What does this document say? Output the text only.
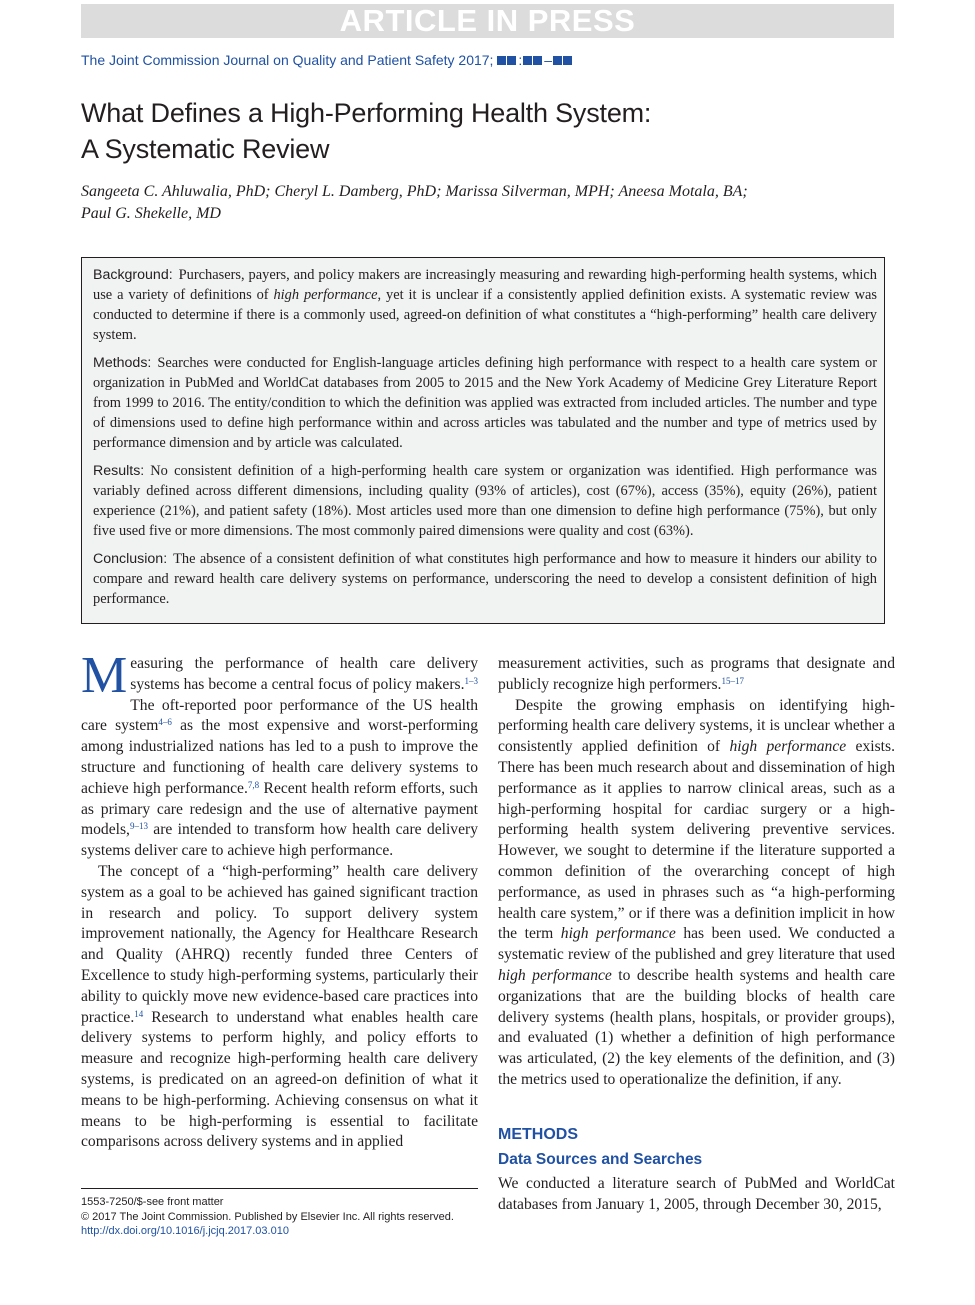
ARTICLE IN PRESS
The Joint Commission Journal on Quality and Patient Safety 2017; : –
What Defines a High-Performing Health System:
A Systematic Review
Sangeeta C. Ahluwalia, PhD; Cheryl L. Damberg, PhD; Marissa Silverman, MPH; Aneesa Motala, BA;
Paul G. Shekelle, MD

Background: Purchasers, payers, and policy makers are increasingly measuring and rewarding high-performing health systems, which use a variety of definitions of high performance, yet it is unclear if a consistently applied definition exists. A systematic review was conducted to determine if there is a commonly used, agreed-on definition of what constitutes a “high-performing” health care delivery system.

Methods: Searches were conducted for English-language articles defining high performance with respect to a health care system or organization in PubMed and WorldCat databases from 2005 to 2015 and the New York Academy of Medicine Grey Literature Report from 1999 to 2016. The entity/condition to which the definition was applied was extracted from included articles. The number and type of dimensions used to define high performance within and across articles was tabulated and the number and type of metrics used by performance dimension and by article was calculated.

Results: No consistent definition of a high-performing health care system or organization was identified. High performance was variably defined across different dimensions, including quality (93% of articles), cost (67%), access (35%), equity (26%), patient experience (21%), and patient safety (18%). Most articles used more than one dimension to define high performance (75%), but only five used five or more dimensions. The most commonly paired dimensions were quality and cost (63%).

Conclusion: The absence of a consistent definition of what constitutes high performance and how to measure it hinders our ability to compare and reward health care delivery systems on performance, underscoring the need to develop a consistent definition of high performance.

Measuring the performance of health care delivery systems has become a central focus of policy makers.$^{1-3}$ The oft-reported poor performance of the US health care system$^{4-6}$ as the most expensive and worst-performing among industrialized nations has led to a push to improve the structure and functioning of health care delivery systems to achieve high performance.$^{7,8}$ Recent health reform efforts, such as primary care redesign and the use of alternative payment models,$^{9-13}$ are intended to transform how health care delivery systems deliver care to achieve high performance.

The concept of a “high-performing” health care delivery system as a goal to be achieved has gained significant traction in research and policy. To support delivery system improvement nationally, the Agency for Healthcare Research and Quality (AHRQ) recently funded three Centers of Excellence to study high-performing systems, particularly their ability to quickly move new evidence-based care practices into practice.$^{14}$ Research to understand what enables health care delivery systems to perform highly, and policy efforts to measure and recognize high-performing health care delivery systems, is predicated on an agreed-on definition of what it means to be high-performing. Achieving consensus on what it means to be high-performing is essential to facilitate comparisons across delivery systems and in applied

measurement activities, such as programs that designate and publicly recognize high performers.$^{15-17}$

Despite the growing emphasis on identifying high-performing health care delivery systems, it is unclear whether a consistently applied definition of high performance exists. There has been much research about and dissemination of high performance as it applies to narrow clinical areas, such as a high-performing hospital for cardiac surgery or a high-performing health system delivering preventive services. However, we sought to determine if the literature supported a common definition of the overarching concept of high performance, as used in phrases such as “a high-performing health care system,” or if there was a definition implicit in how the term high performance has been used. We conducted a systematic review of the published and grey literature that used high performance to describe health systems and health care organizations that are the building blocks of health care delivery systems (health plans, hospitals, or provider groups), and evaluated (1) whether a definition of high performance was articulated, (2) the key elements of the definition, and (3) the metrics used to operationalize the definition, if any.

METHODS
Data Sources and Searches

We conducted a literature search of PubMed and WorldCat databases from January 1, 2005, through December 30, 2015,

1553-7250/$-see front matter
© 2017 The Joint Commission. Published by Elsevier Inc. All rights reserved.
http://dx.doi.org/10.1016/j.jcjq.2017.03.010
